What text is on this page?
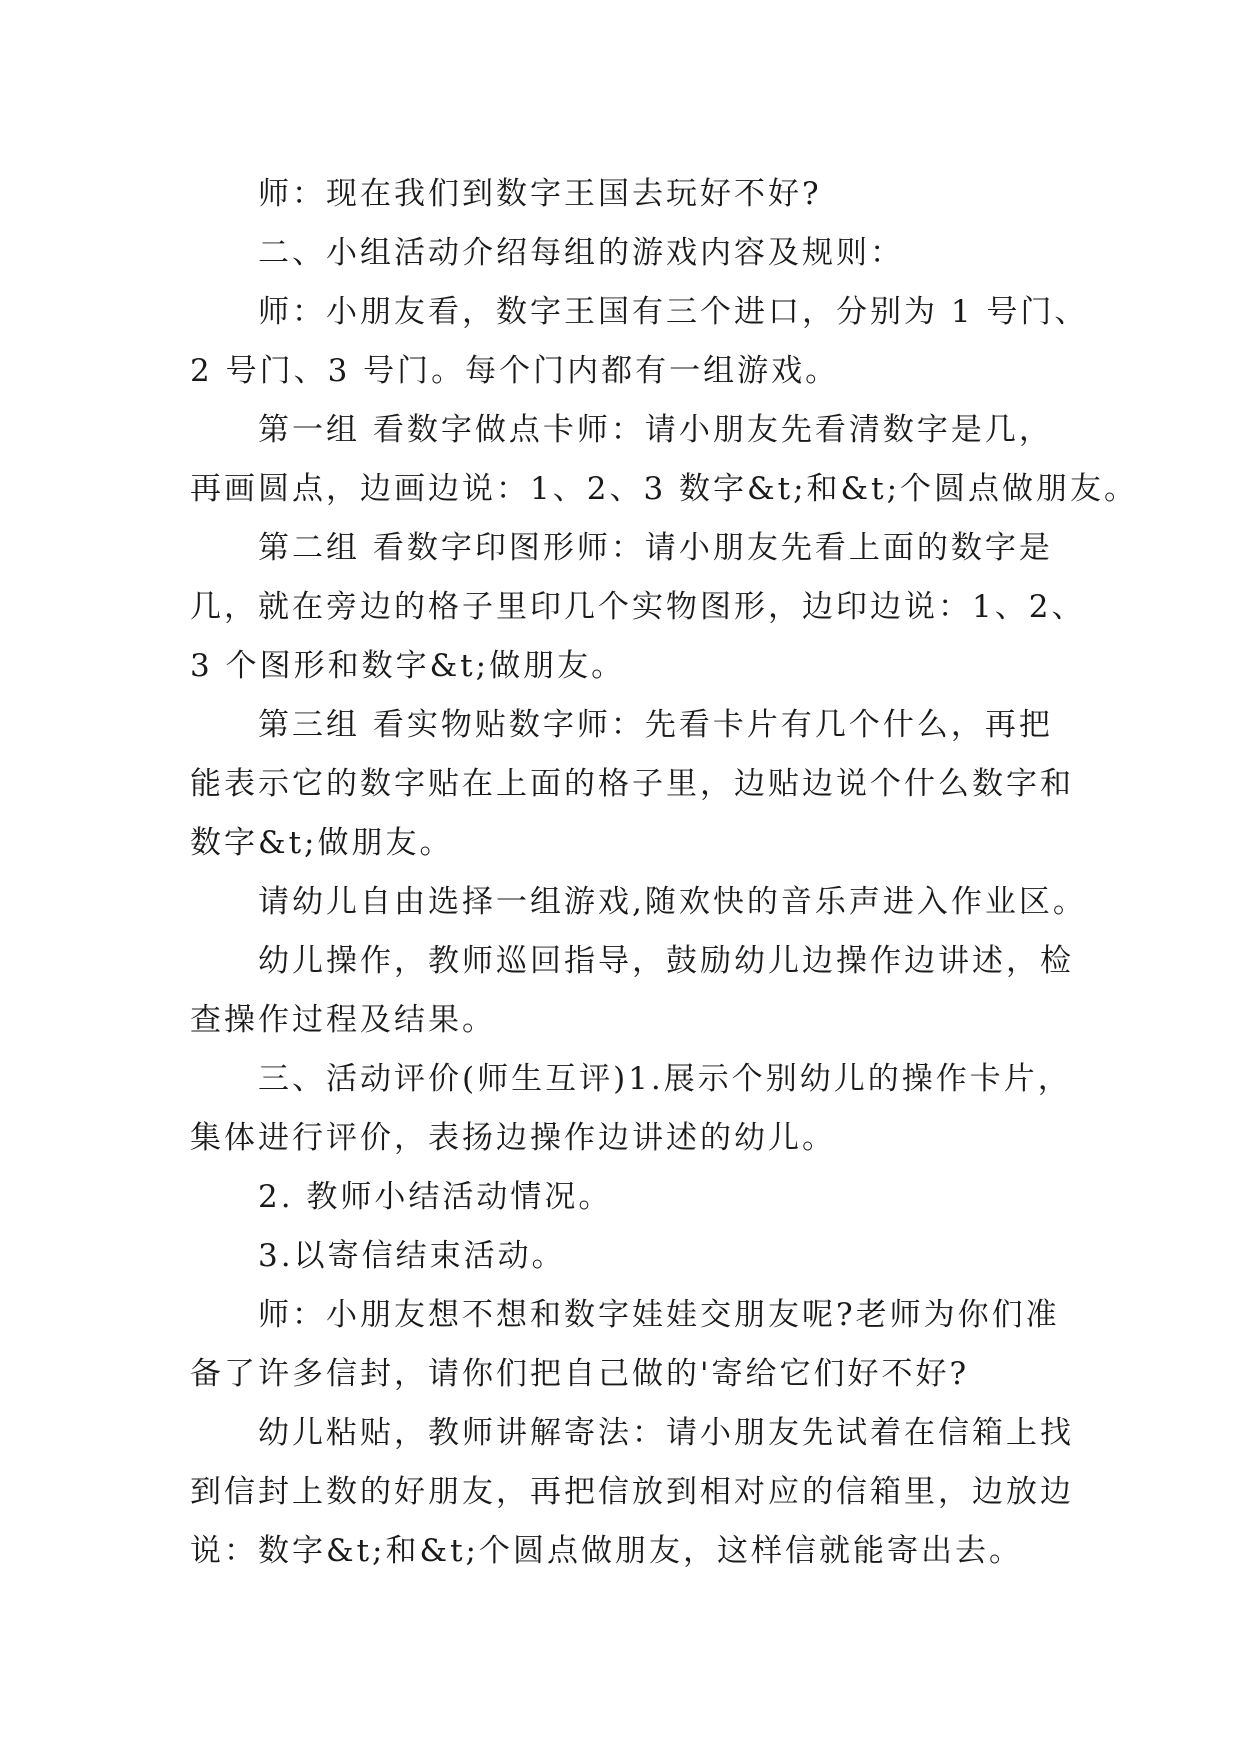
师：现在我们到数字王国去玩好不好?
二、小组活动介绍每组的游戏内容及规则：
师：小朋友看，数字王国有三个进口，分别为 1 号门、
2 号门、3 号门。每个门内都有一组游戏。
第一组 看数字做点卡师：请小朋友先看清数字是几，
再画圆点，边画边说：1、2、3 数字&t;和&t;个圆点做朋友。
第二组 看数字印图形师：请小朋友先看上面的数字是
几，就在旁边的格子里印几个实物图形，边印边说：1、2、
3 个图形和数字&t;做朋友。
第三组 看实物贴数字师：先看卡片有几个什么，再把
能表示它的数字贴在上面的格子里，边贴边说个什么数字和
数字&t;做朋友。
请幼儿自由选择一组游戏,随欢快的音乐声进入作业区。
幼儿操作，教师巡回指导，鼓励幼儿边操作边讲述，检
查操作过程及结果。
三、活动评价(师生互评)1.展示个别幼儿的操作卡片，
集体进行评价，表扬边操作边讲述的幼儿。
2. 教师小结活动情况。
3.以寄信结束活动。
师：小朋友想不想和数字娃娃交朋友呢?老师为你们准
备了许多信封，请你们把自己做的'寄给它们好不好?
幼儿粘贴，教师讲解寄法：请小朋友先试着在信箱上找
到信封上数的好朋友，再把信放到相对应的信箱里，边放边
说：数字&t;和&t;个圆点做朋友，这样信就能寄出去。
